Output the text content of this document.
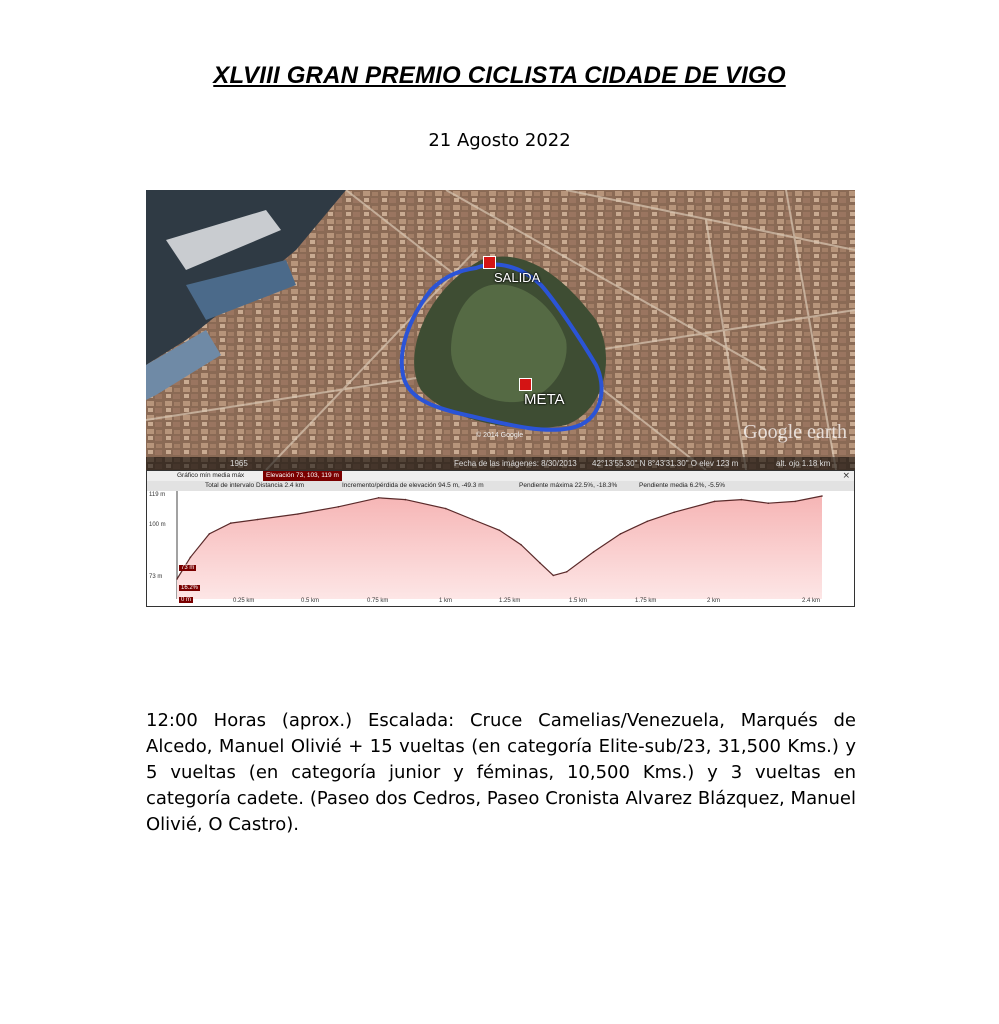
XLVIII GRAN PREMIO CICLISTA CIDADE DE VIGO
21 Agosto 2022
SALIDA
META
© 2014 Google	Google earth
1965	Fecha de las imágenes: 8/30/2013 42°13'55.30" N 8°43'31.30" O elev 123 m	alt. ojo 1.18 km
Gráfico mín media máx	Elevación 73, 103, 119 m	×
Total de intervalo Distancia 2.4 km	Incremento/pérdida de elevación 94.5 m, -49.3 m	Pendiente máxima 22.5%, -18.3%	Pendiente media 6.2%, -5.5%
119 m
100 m
73 m
73 m
16.2%
0 m	0.25 km	0.5 km	0.75 km	1 km	1.25 km	1.5 km	1.75 km	2 km	2.4 km
12:00 Horas (aprox.) Escalada: Cruce Camelias/Venezuela, Marqués de Alcedo, Manuel Olivié + 15 vueltas (en categoría Elite-sub/23, 31,500 Kms.) y 5 vueltas (en categoría junior y féminas, 10,500 Kms.) y 3 vueltas en categoría cadete. (Paseo dos Cedros, Paseo Cronista Alvarez Blázquez, Manuel Olivié, O Castro).
